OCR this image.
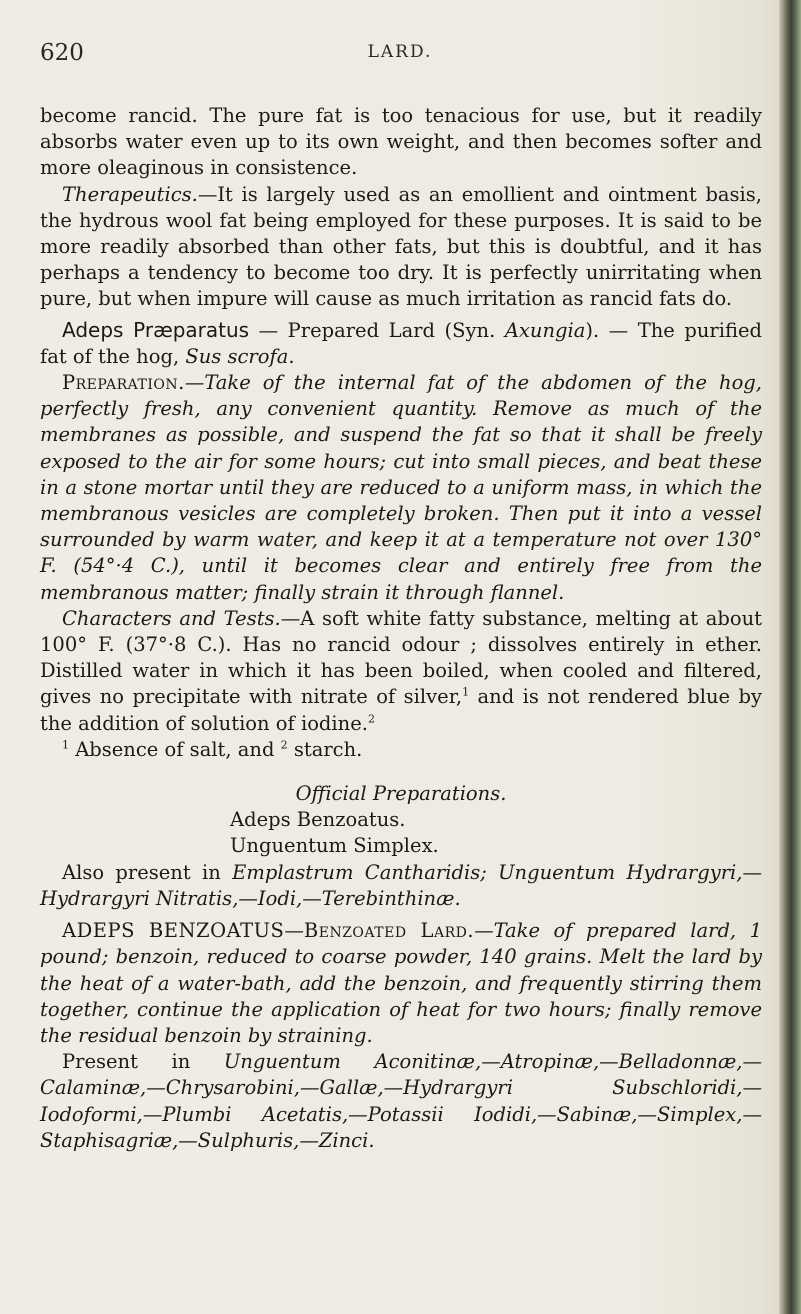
620	LARD.

become rancid. The pure fat is too tenacious for use, but it readily absorbs water even up to its own weight, and then becomes softer and more oleaginous in consistence.

Therapeutics.—It is largely used as an emollient and ointment basis, the hydrous wool fat being employed for these purposes. It is said to be more readily absorbed than other fats, but this is doubtful, and it has perhaps a tendency to become too dry. It is perfectly unirritating when pure, but when impure will cause as much irritation as rancid fats do.

Adeps Præparatus — Prepared Lard (Syn. Axungia). — The purified fat of the hog, Sus scrofa.

Preparation.—Take of the internal fat of the abdomen of the hog, perfectly fresh, any convenient quantity. Remove as much of the membranes as possible, and suspend the fat so that it shall be freely exposed to the air for some hours; cut into small pieces, and beat these in a stone mortar until they are reduced to a uniform mass, in which the membranous vesicles are completely broken. Then put it into a vessel surrounded by warm water, and keep it at a temperature not over 130° F. (54°·4 C.), until it becomes clear and entirely free from the membranous matter; finally strain it through flannel.

Characters and Tests.—A soft white fatty substance, melting at about 100° F. (37°·8 C.). Has no rancid odour ; dissolves entirely in ether. Distilled water in which it has been boiled, when cooled and filtered, gives no precipitate with nitrate of silver,$^1$ and is not rendered blue by the addition of solution of iodine.$^2$

$^1$ Absence of salt, and $^2$ starch.

Official Preparations.

Adeps Benzoatus.

Unguentum Simplex.

Also present in Emplastrum Cantharidis; Unguentum Hydrargyri,—Hydrargyri Nitratis,—Iodi,—Terebinthinæ.

ADEPS BENZOATUS—Benzoated Lard.—Take of prepared lard, 1 pound; benzoin, reduced to coarse powder, 140 grains. Melt the lard by the heat of a water-bath, add the benzoin, and frequently stirring them together, continue the application of heat for two hours; finally remove the residual benzoin by straining.

Present in Unguentum Aconitinæ,—Atropinæ,—Belladonnæ,—Calaminæ,—Chrysarobini,—Gallæ,—Hydrargyri Subschloridi,—Iodoformi,—Plumbi Acetatis,—Potassii Iodidi,—Sabinæ,—Simplex,—Staphisagriæ,—Sulphuris,—Zinci.
